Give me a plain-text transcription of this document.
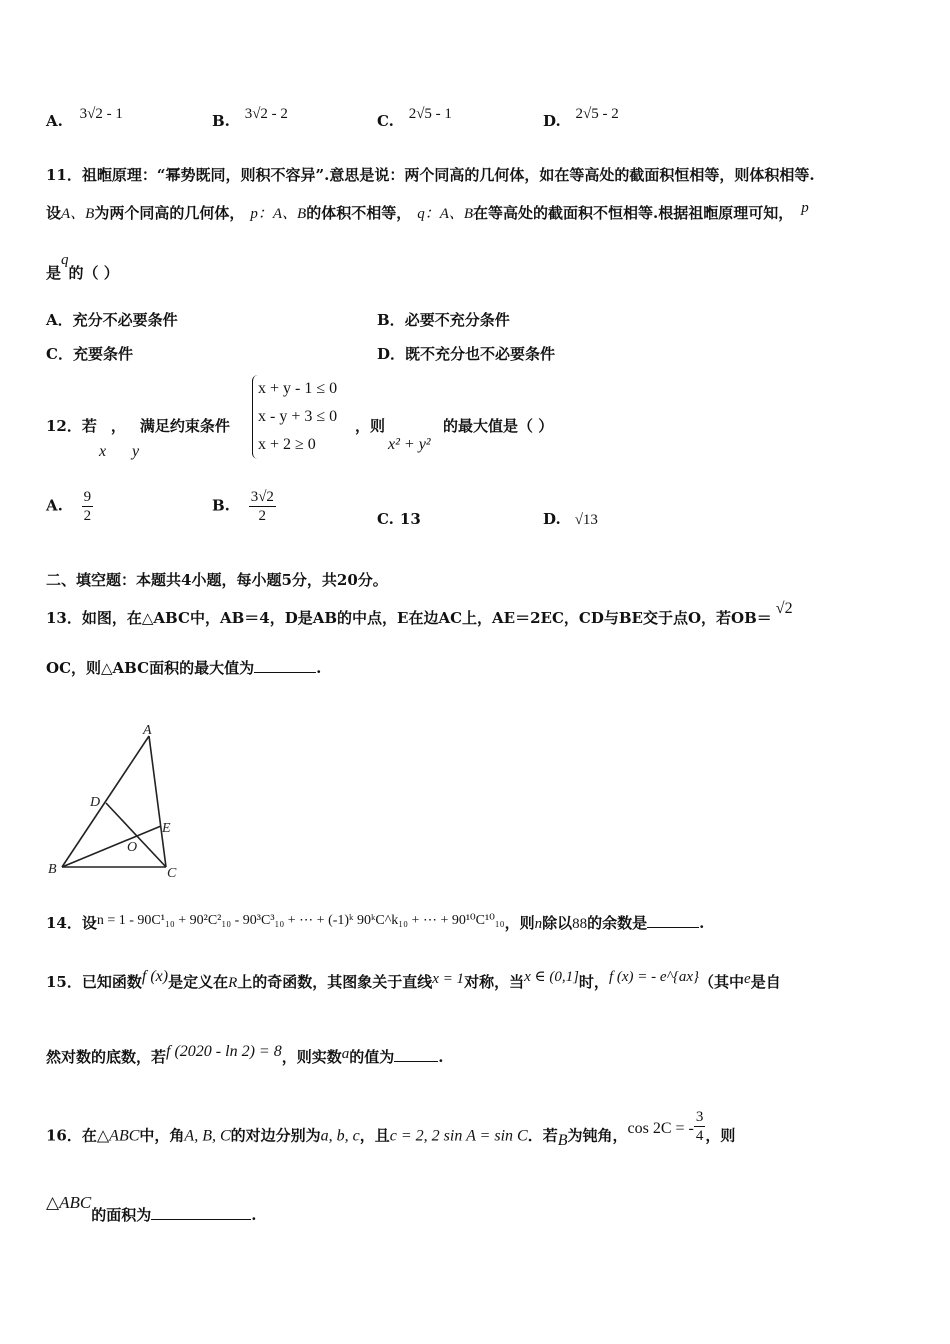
A. 3√2 - 1	B. 3√2 - 2	C. 2√5 - 1	D. 2√5 - 2
11．祖暅原理：“幂势既同，则积不容异”.意思是说：两个同高的几何体，如在等高处的截面积恒相等，则体积相等.
设A、B为两个同高的几何体， p：A、B的体积不相等， q：A、B在等高处的截面积不恒相等.根据祖暅原理可知， p
是q的（ ）
A．充分不必要条件	B．必要不充分条件
C．充要条件	D．既不充分也不必要条件
12．若 ， 满足约束条件
x y
x + y - 1 ≤ 0
x - y + 3 ≤ 0
x + 2 ≥ 0
，则
x² + y²
的最大值是（ ）
A. $\frac{9}{2}$	B. $\frac{3√2}{2}$	C. 13	D. √13
二、填空题：本题共4小题，每小题5分，共20分。
13．如图，在△ABC中，AB＝4，D是AB的中点，E在边AC上，AE＝2EC，CD与BE交于点O，若OB＝√2
OC，则△ABC面积的最大值为	.
A
D
E
O
B	C
14．设n = 1 - 90C¹₁₀ + 90²C²₁₀ - 90³C³₁₀ + ⋯ + (-1)ᵏ 90ᵏC^k₁₀ + ⋯ + 90¹⁰C¹⁰₁₀，则n除以88的余数是	.
15．已知函数f (x)是定义在R上的奇函数，其图象关于直线x = 1对称，当x ∈ (0,1]时，f (x) = - e^{ax}（其中e是自
然对数的底数，若f (2020 - ln 2) = 8，则实数a的值为	.
16．在△ABC中，角A, B, C的对边分别为a, b, c，且c = 2, 2 sin A = sin C．若B为钝角，cos 2C = - $\frac{3}{4}$ ，则
△ABC的面积为	.
